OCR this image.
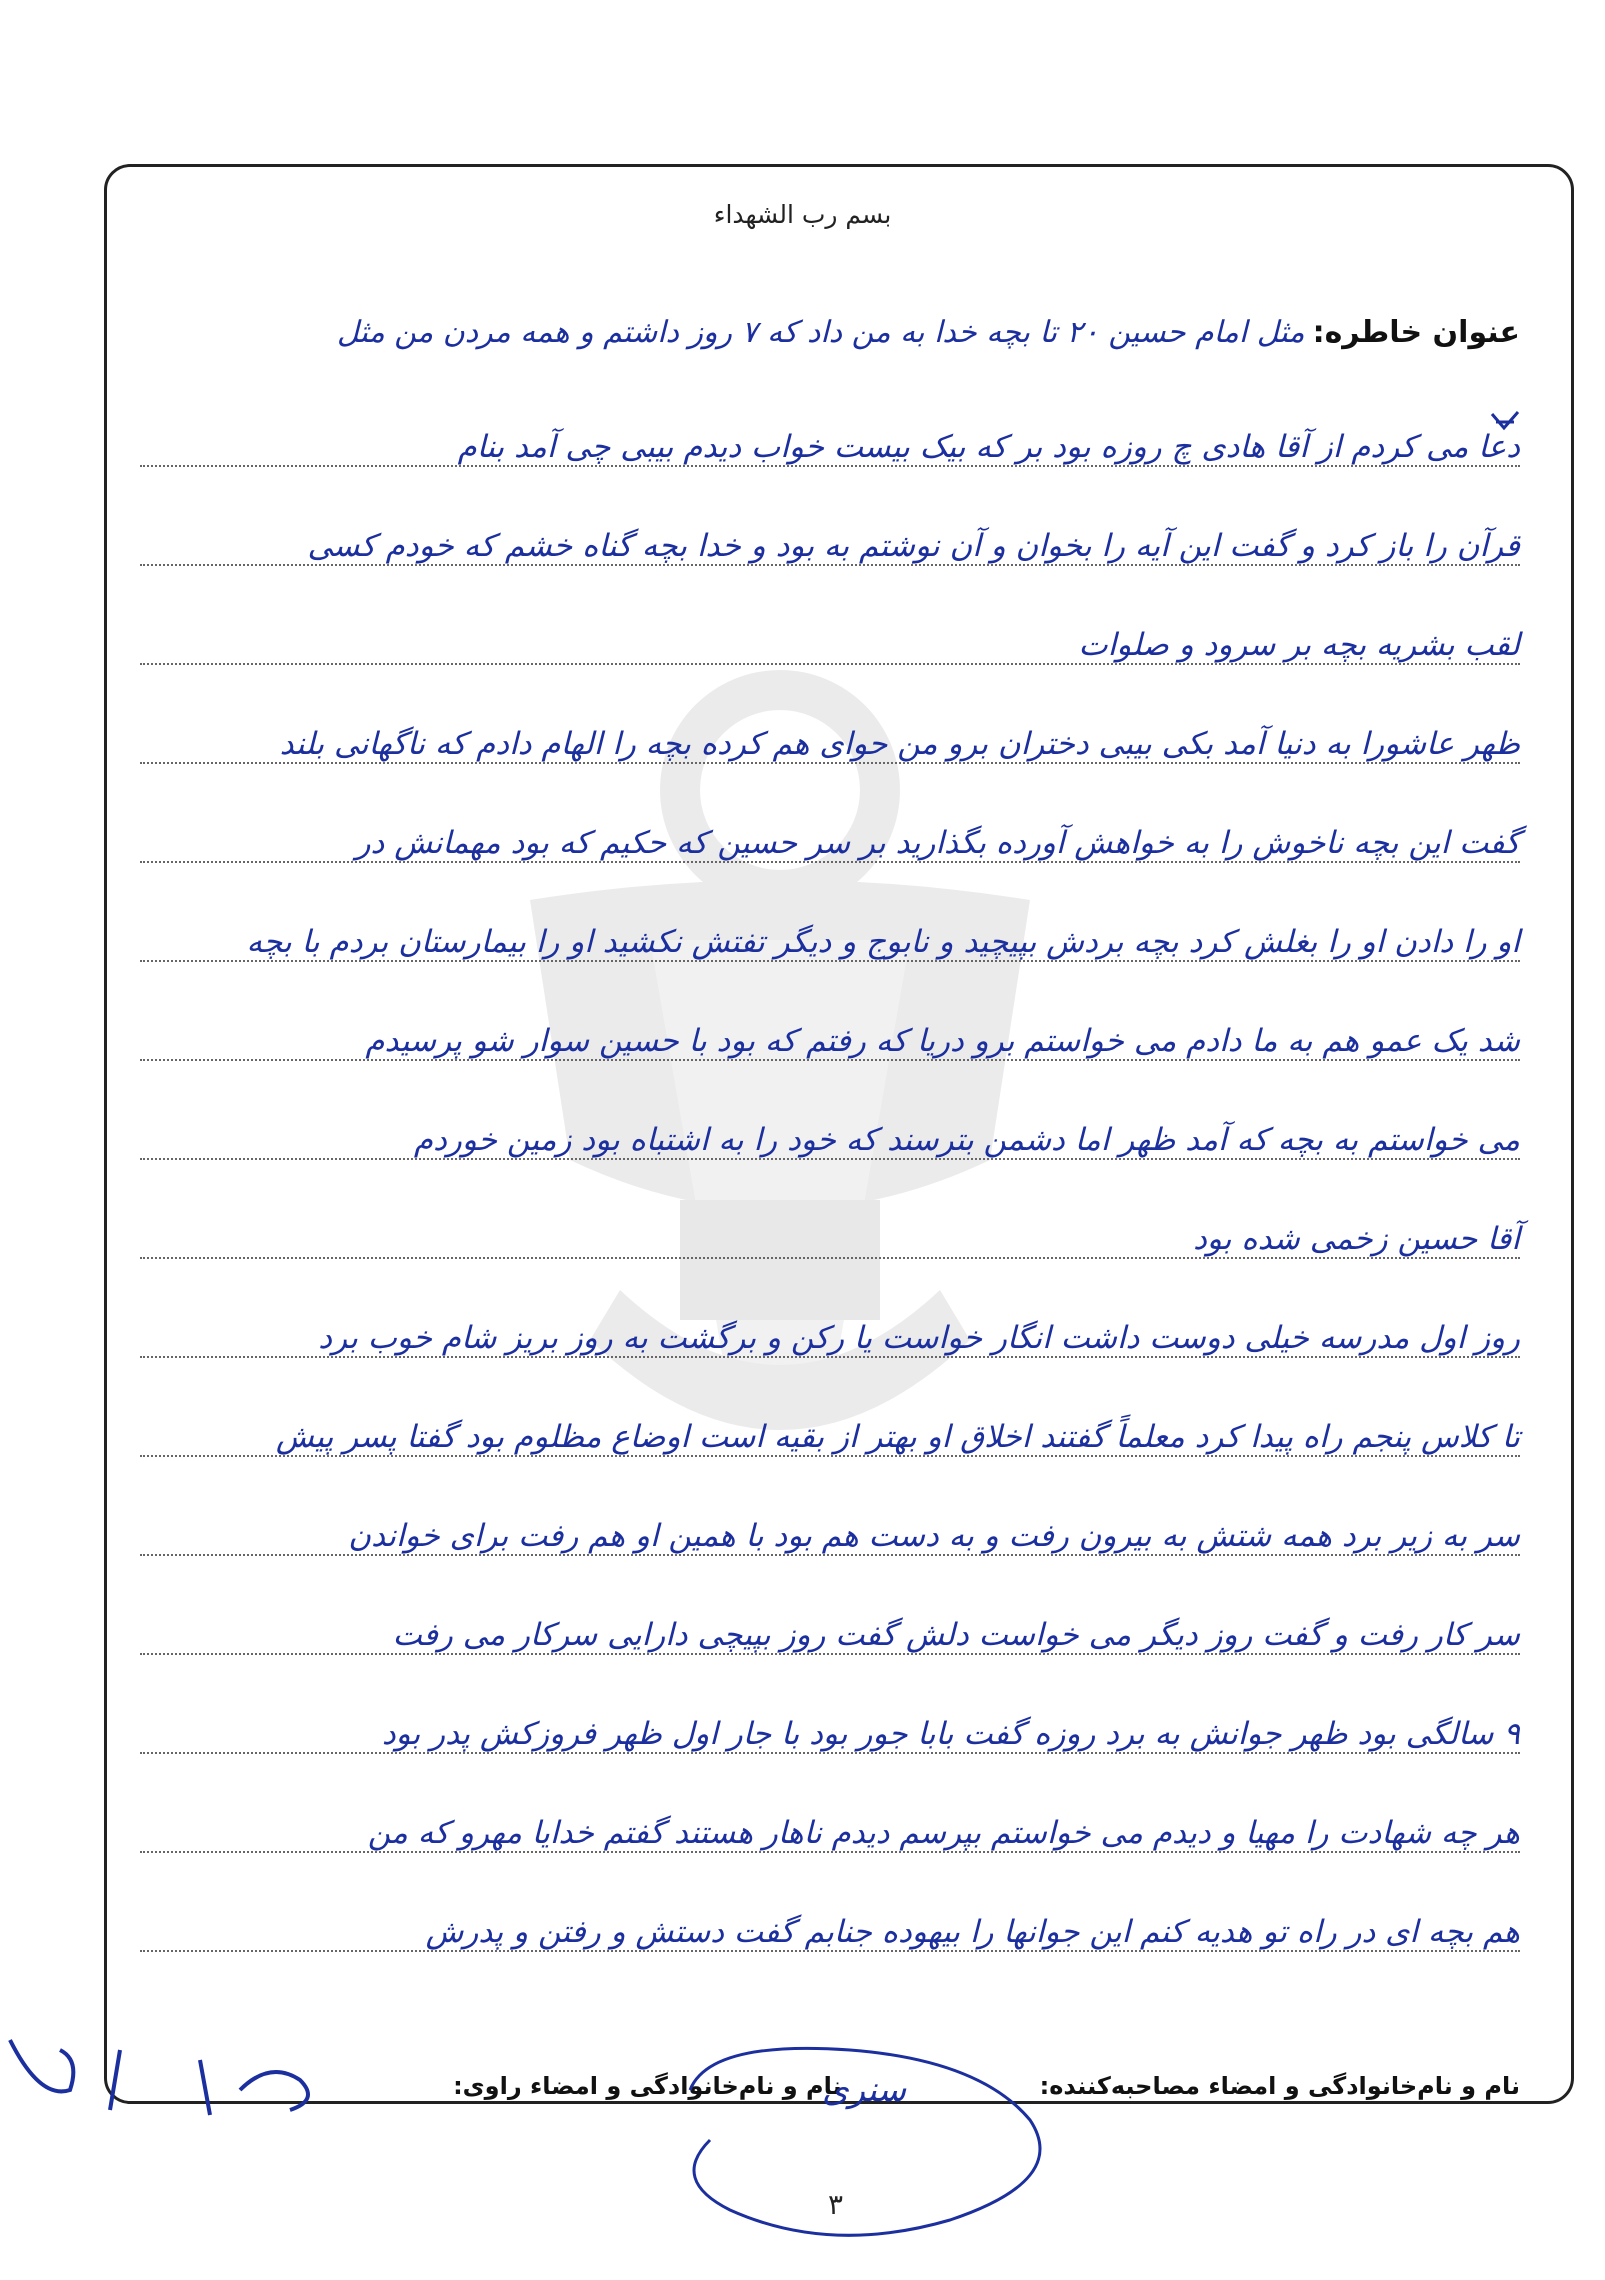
بسم رب الشهداء
عنوان خاطره:
مثل امام حسین ۲۰ تا بچه خدا به من داد که ۷ روز داشتم و همه مردن من مثل
دعا می کردم از آقا هادی چ روزه بود بر که بیک بیست خواب دیدم بیبی چی آمد بنام
قرآن را باز کرد و گفت این آیه را بخوان و آن نوشتم به بود و خدا بچه گناه خشم که خودم کسی
لقب بشریه بچه بر سرود و صلوات
ظهر عاشورا به دنیا آمد بکی بیبی دختران برو من حوای هم کرده بچه را الهام دادم که ناگهانی بلند
گفت این بچه ناخوش را به خواهش آورده بگذارید بر سر حسین که حکیم که بود مهمانش در
او را دادن او را بغلش کرد بچه بردش بپیچید و نابوج و دیگر تفتش نکشید او را بیمارستان بردم با بچه
شد یک عمو هم به ما دادم می خواستم برو دریا که رفتم که بود با حسین سوار شو پرسیدم
می خواستم به بچه که آمد ظهر اما دشمن بترسند که خود را به اشتباه بود زمین خوردم
آقا حسین زخمی شده بود
روز اول مدرسه خیلی دوست داشت انگار خواست یا رکن و برگشت به روز بریز شام خوب برد
تا کلاس پنجم راه پیدا کرد معلماً گفتند اخلاق او بهتر از بقیه است اوضاع مظلوم بود گفتا پسر پیش
سر به زیر برد همه شتش به بیرون رفت و به دست هم بود با همین او هم رفت برای خواندن
سر کار رفت و گفت روز دیگر می خواست دلش گفت روز بپیچی دارایی سرکار می رفت
۹ سالگی بود ظهر جوانش به برد روزه گفت بابا جور بود با جار اول ظهر فروزکش پدر بود
هر چه شهادت را مهیا و دیدم می خواستم بپرسم دیدم ناهار هستند گفتم خدایا مهرو که من
هم بچه ای در راه تو هدیه کنم این جوانها را بیهوده جنابم گفت دستش و رفتن و پدرش
نام و نام‌خانوادگی و امضاء مصاحبه‌کننده:
نام و نام‌خانوادگی و امضاء راوی:
سنری
۳
